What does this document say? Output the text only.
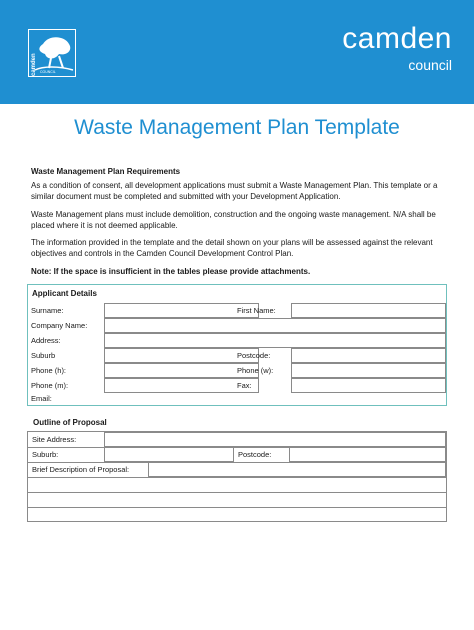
camden COUNCIL
camden
council
Waste Management Plan Template
Waste Management Plan Requirements
As a condition of consent, all development applications must submit a Waste Management Plan. This template or a similar document must be completed and submitted with your Development Application.
Waste Management plans must include demolition, construction and the ongoing waste management. N/A shall be placed where it is not deemed applicable.
The information provided in the template and the detail shown on your plans will be assessed against the relevant objectives and controls in the Camden Council Development Control Plan.
Note: If the space is insufficient in the tables please provide attachments.
Applicant Details
Surname:	First Name:
Company Name:
Address:
Suburb	Postcode:
Phone (h):	Phone (w):
Phone (m):	Fax:
Email:
Outline of Proposal
Site Address:
Suburb:	Postcode:
Brief Description of Proposal:
